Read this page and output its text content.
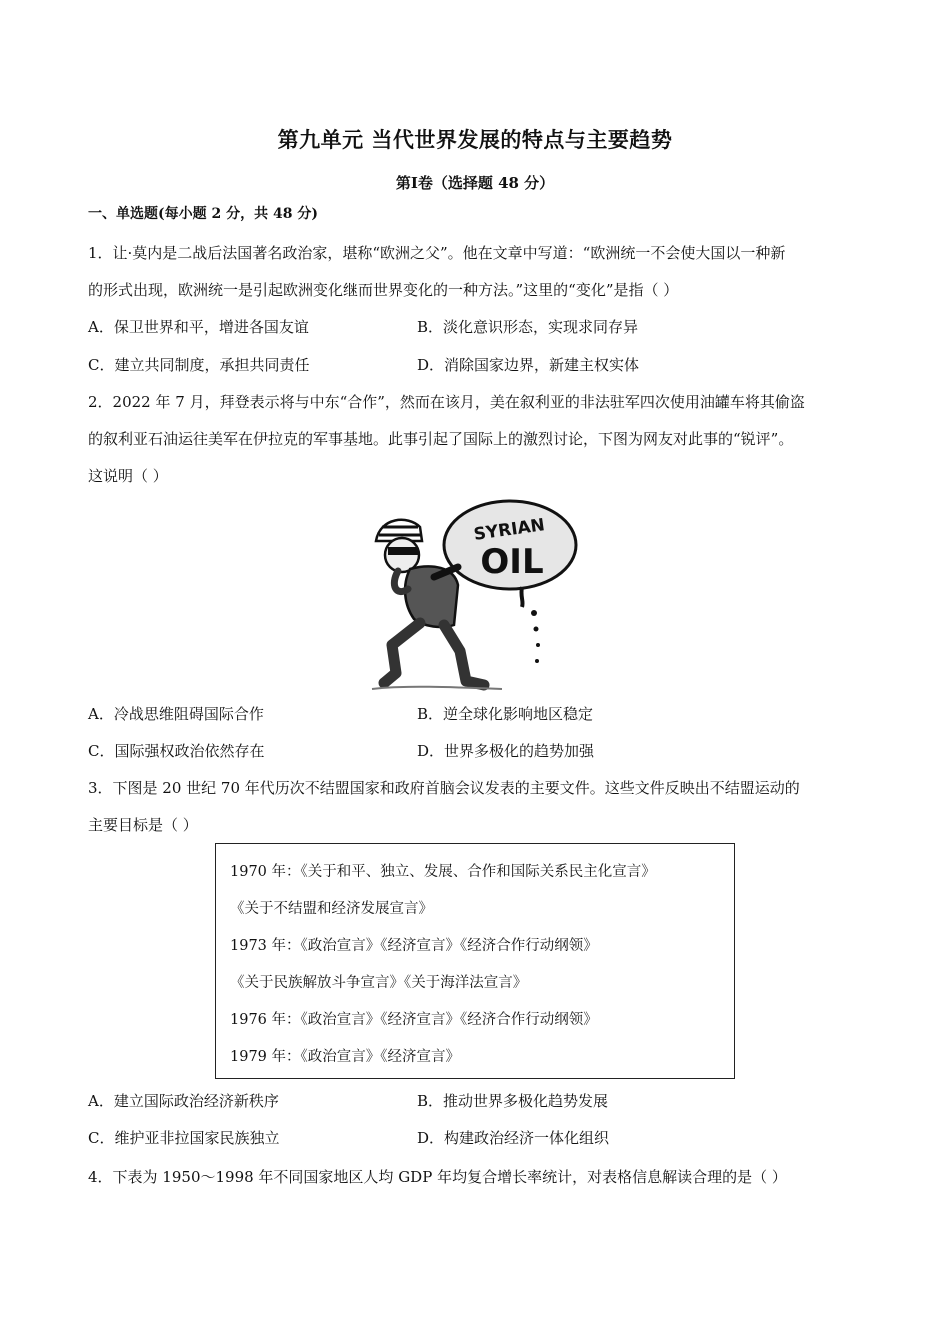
第九单元 当代世界发展的特点与主要趋势
第Ⅰ卷（选择题 48 分）
一、单选题(每小题 2 分，共 48 分)
1．让·莫内是二战后法国著名政治家，堪称“欧洲之父”。他在文章中写道：“欧洲统一不会使大国以一种新
的形式出现，欧洲统一是引起欧洲变化继而世界变化的一种方法。”这里的“变化”是指（ ）
A．保卫世界和平，增进各国友谊	B．淡化意识形态，实现求同存异
C．建立共同制度，承担共同责任	D．消除国家边界，新建主权实体
2．2022 年 7 月，拜登表示将与中东“合作”，然而在该月，美在叙利亚的非法驻军四次使用油罐车将其偷盗
的叙利亚石油运往美军在伊拉克的军事基地。此事引起了国际上的激烈讨论，下图为网友对此事的“锐评”。
这说明（ ）
SYRIAN
OIL
A．冷战思维阻碍国际合作	B．逆全球化影响地区稳定
C．国际强权政治依然存在	D．世界多极化的趋势加强
3．下图是 20 世纪 70 年代历次不结盟国家和政府首脑会议发表的主要文件。这些文件反映出不结盟运动的
主要目标是（ ）
1970 年：《关于和平、独立、发展、合作和国际关系民主化宣言》
《关于不结盟和经济发展宣言》
1973 年：《政治宣言》《经济宣言》《经济合作行动纲领》
《关于民族解放斗争宣言》《关于海洋法宣言》
1976 年：《政治宣言》《经济宣言》《经济合作行动纲领》
1979 年：《政治宣言》《经济宣言》
A．建立国际政治经济新秩序	B．推动世界多极化趋势发展
C．维护亚非拉国家民族独立	D．构建政治经济一体化组织
4．下表为 1950～1998 年不同国家地区人均 GDP 年均复合增长率统计，对表格信息解读合理的是（ ）
